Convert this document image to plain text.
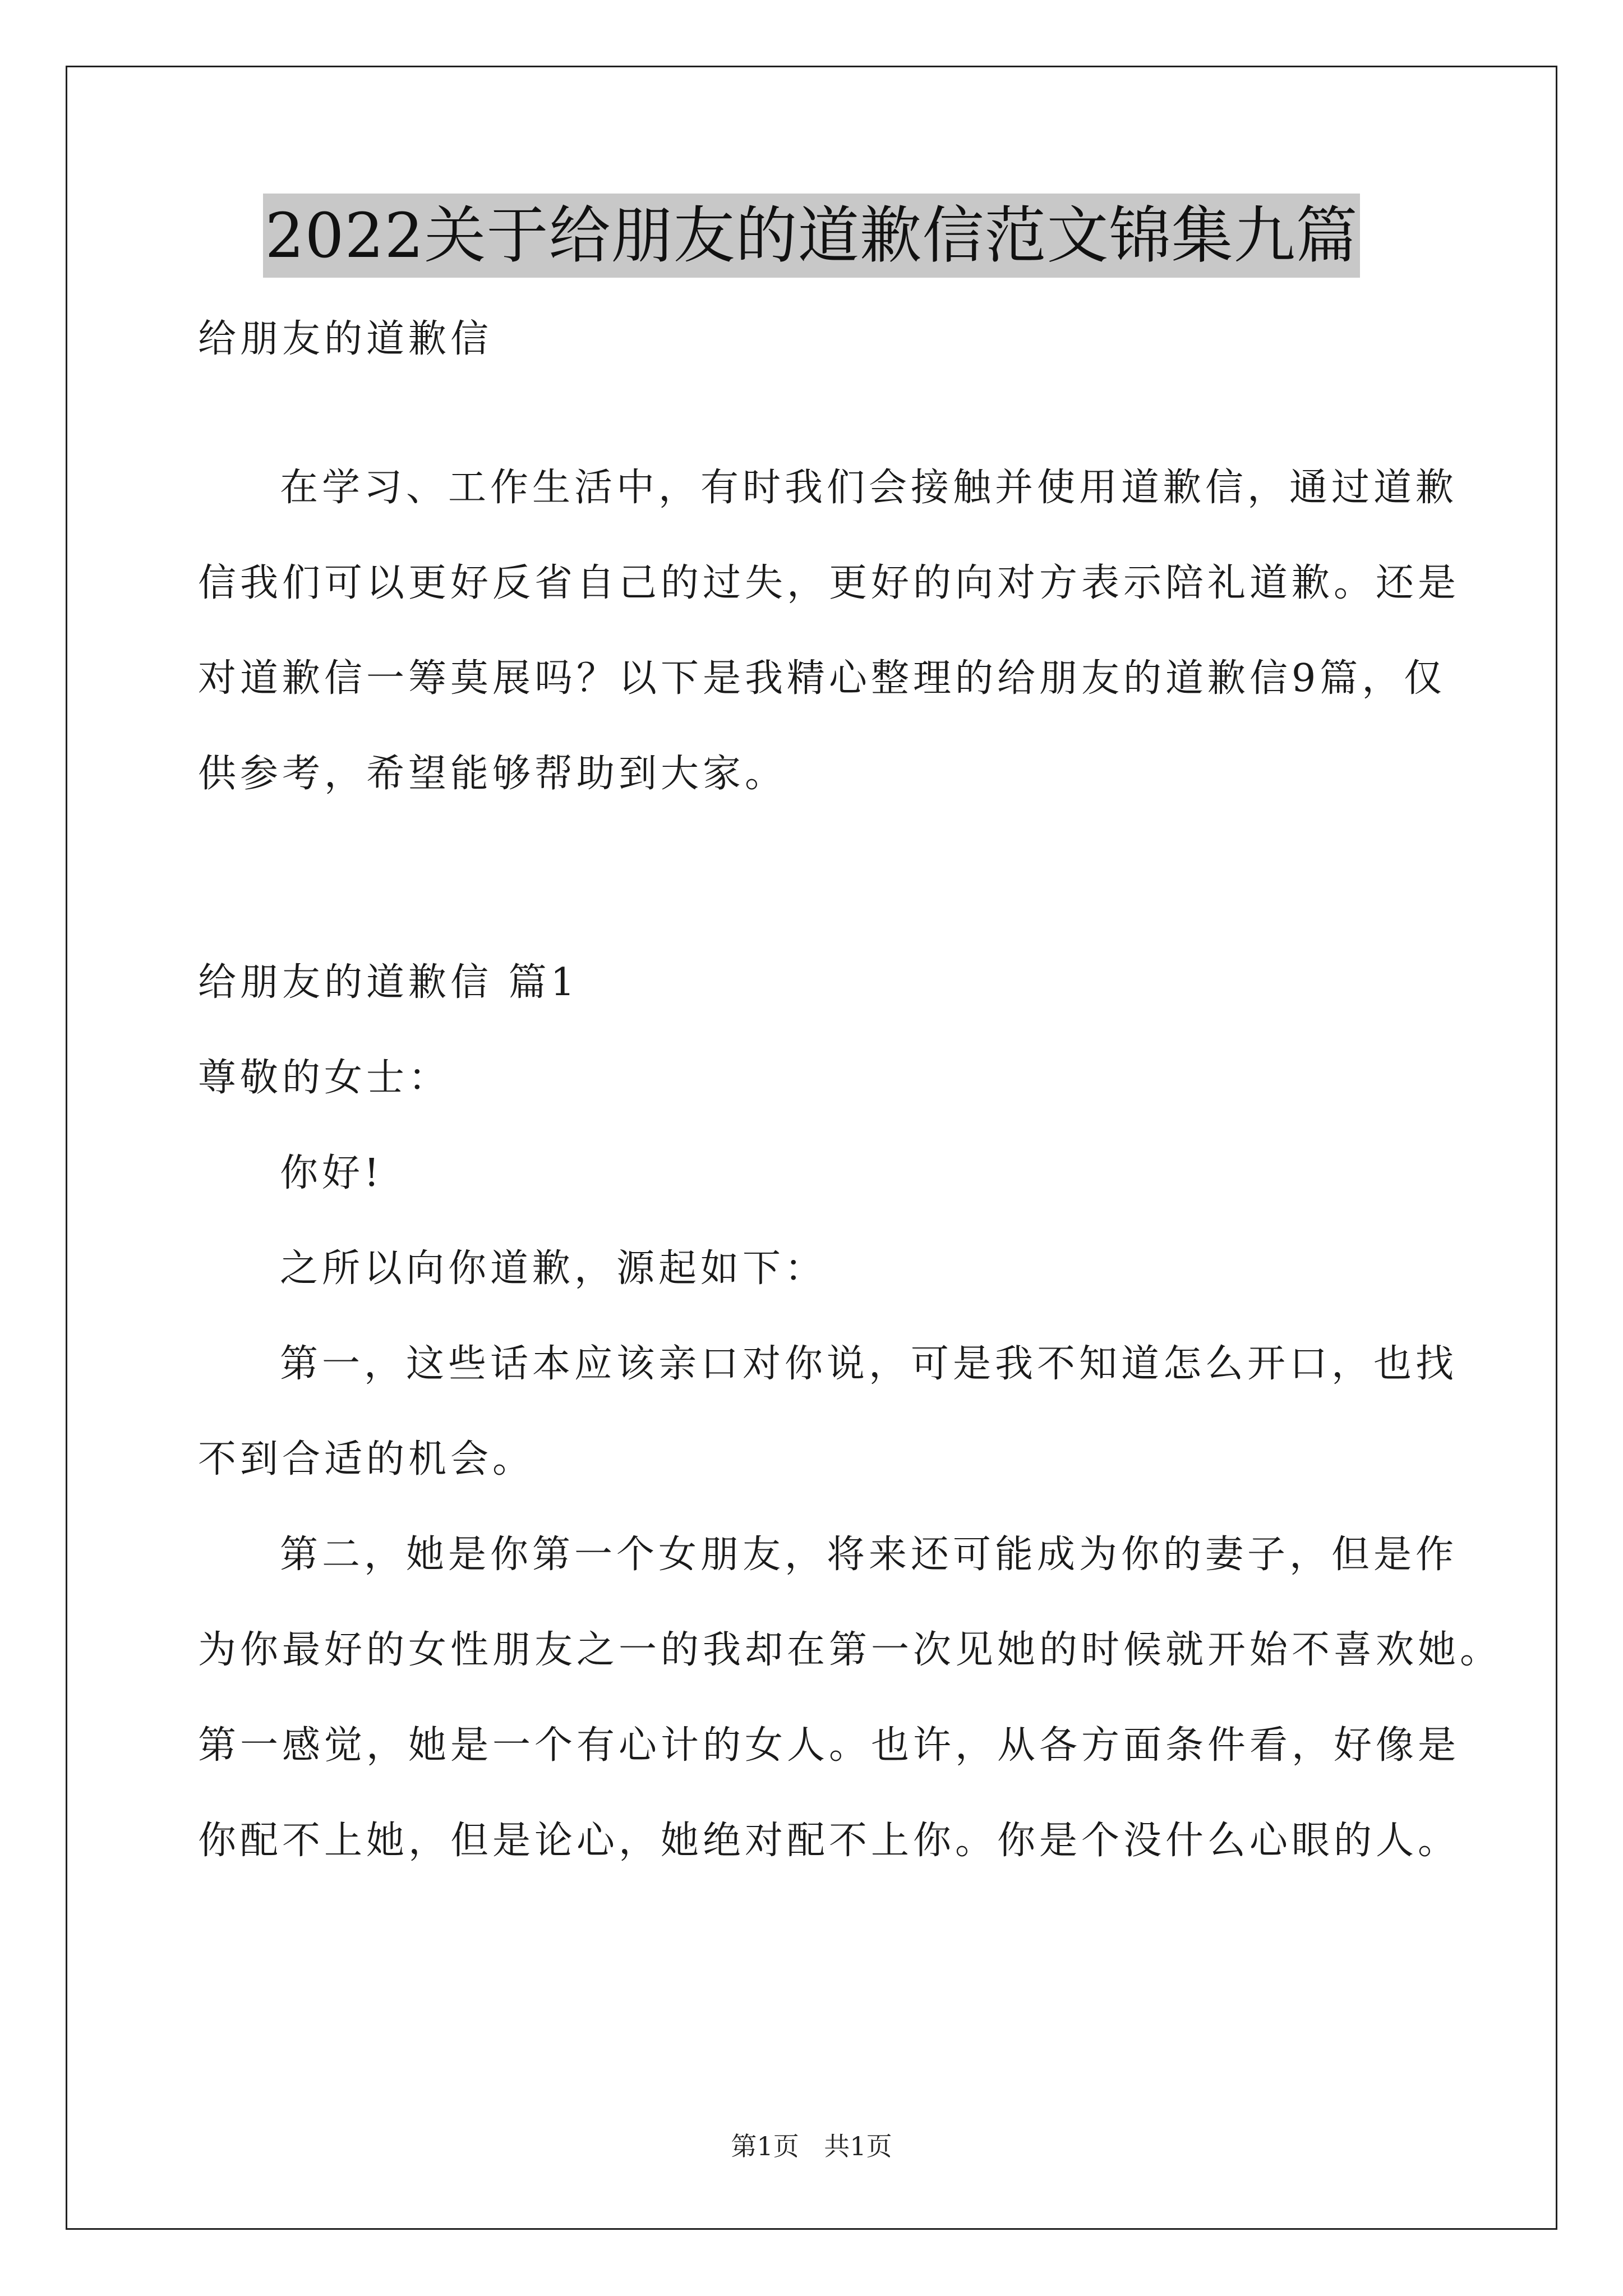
2022关于给朋友的道歉信范文锦集九篇
给朋友的道歉信
在学习、工作生活中，有时我们会接触并使用道歉信，通过道歉
信我们可以更好反省自己的过失，更好的向对方表示陪礼道歉。还是
对道歉信一筹莫展吗？以下是我精心整理的给朋友的道歉信9篇，仅
供参考，希望能够帮助到大家。
给朋友的道歉信 篇1
尊敬的女士：
你好!
之所以向你道歉，源起如下：
第一，这些话本应该亲口对你说，可是我不知道怎么开口，也找
不到合适的机会。
第二，她是你第一个女朋友，将来还可能成为你的妻子，但是作
为你最好的女性朋友之一的我却在第一次见她的时候就开始不喜欢她。
第一感觉，她是一个有心计的女人。也许，从各方面条件看，好像是
你配不上她，但是论心，她绝对配不上你。你是个没什么心眼的人。
第1页 共1页
